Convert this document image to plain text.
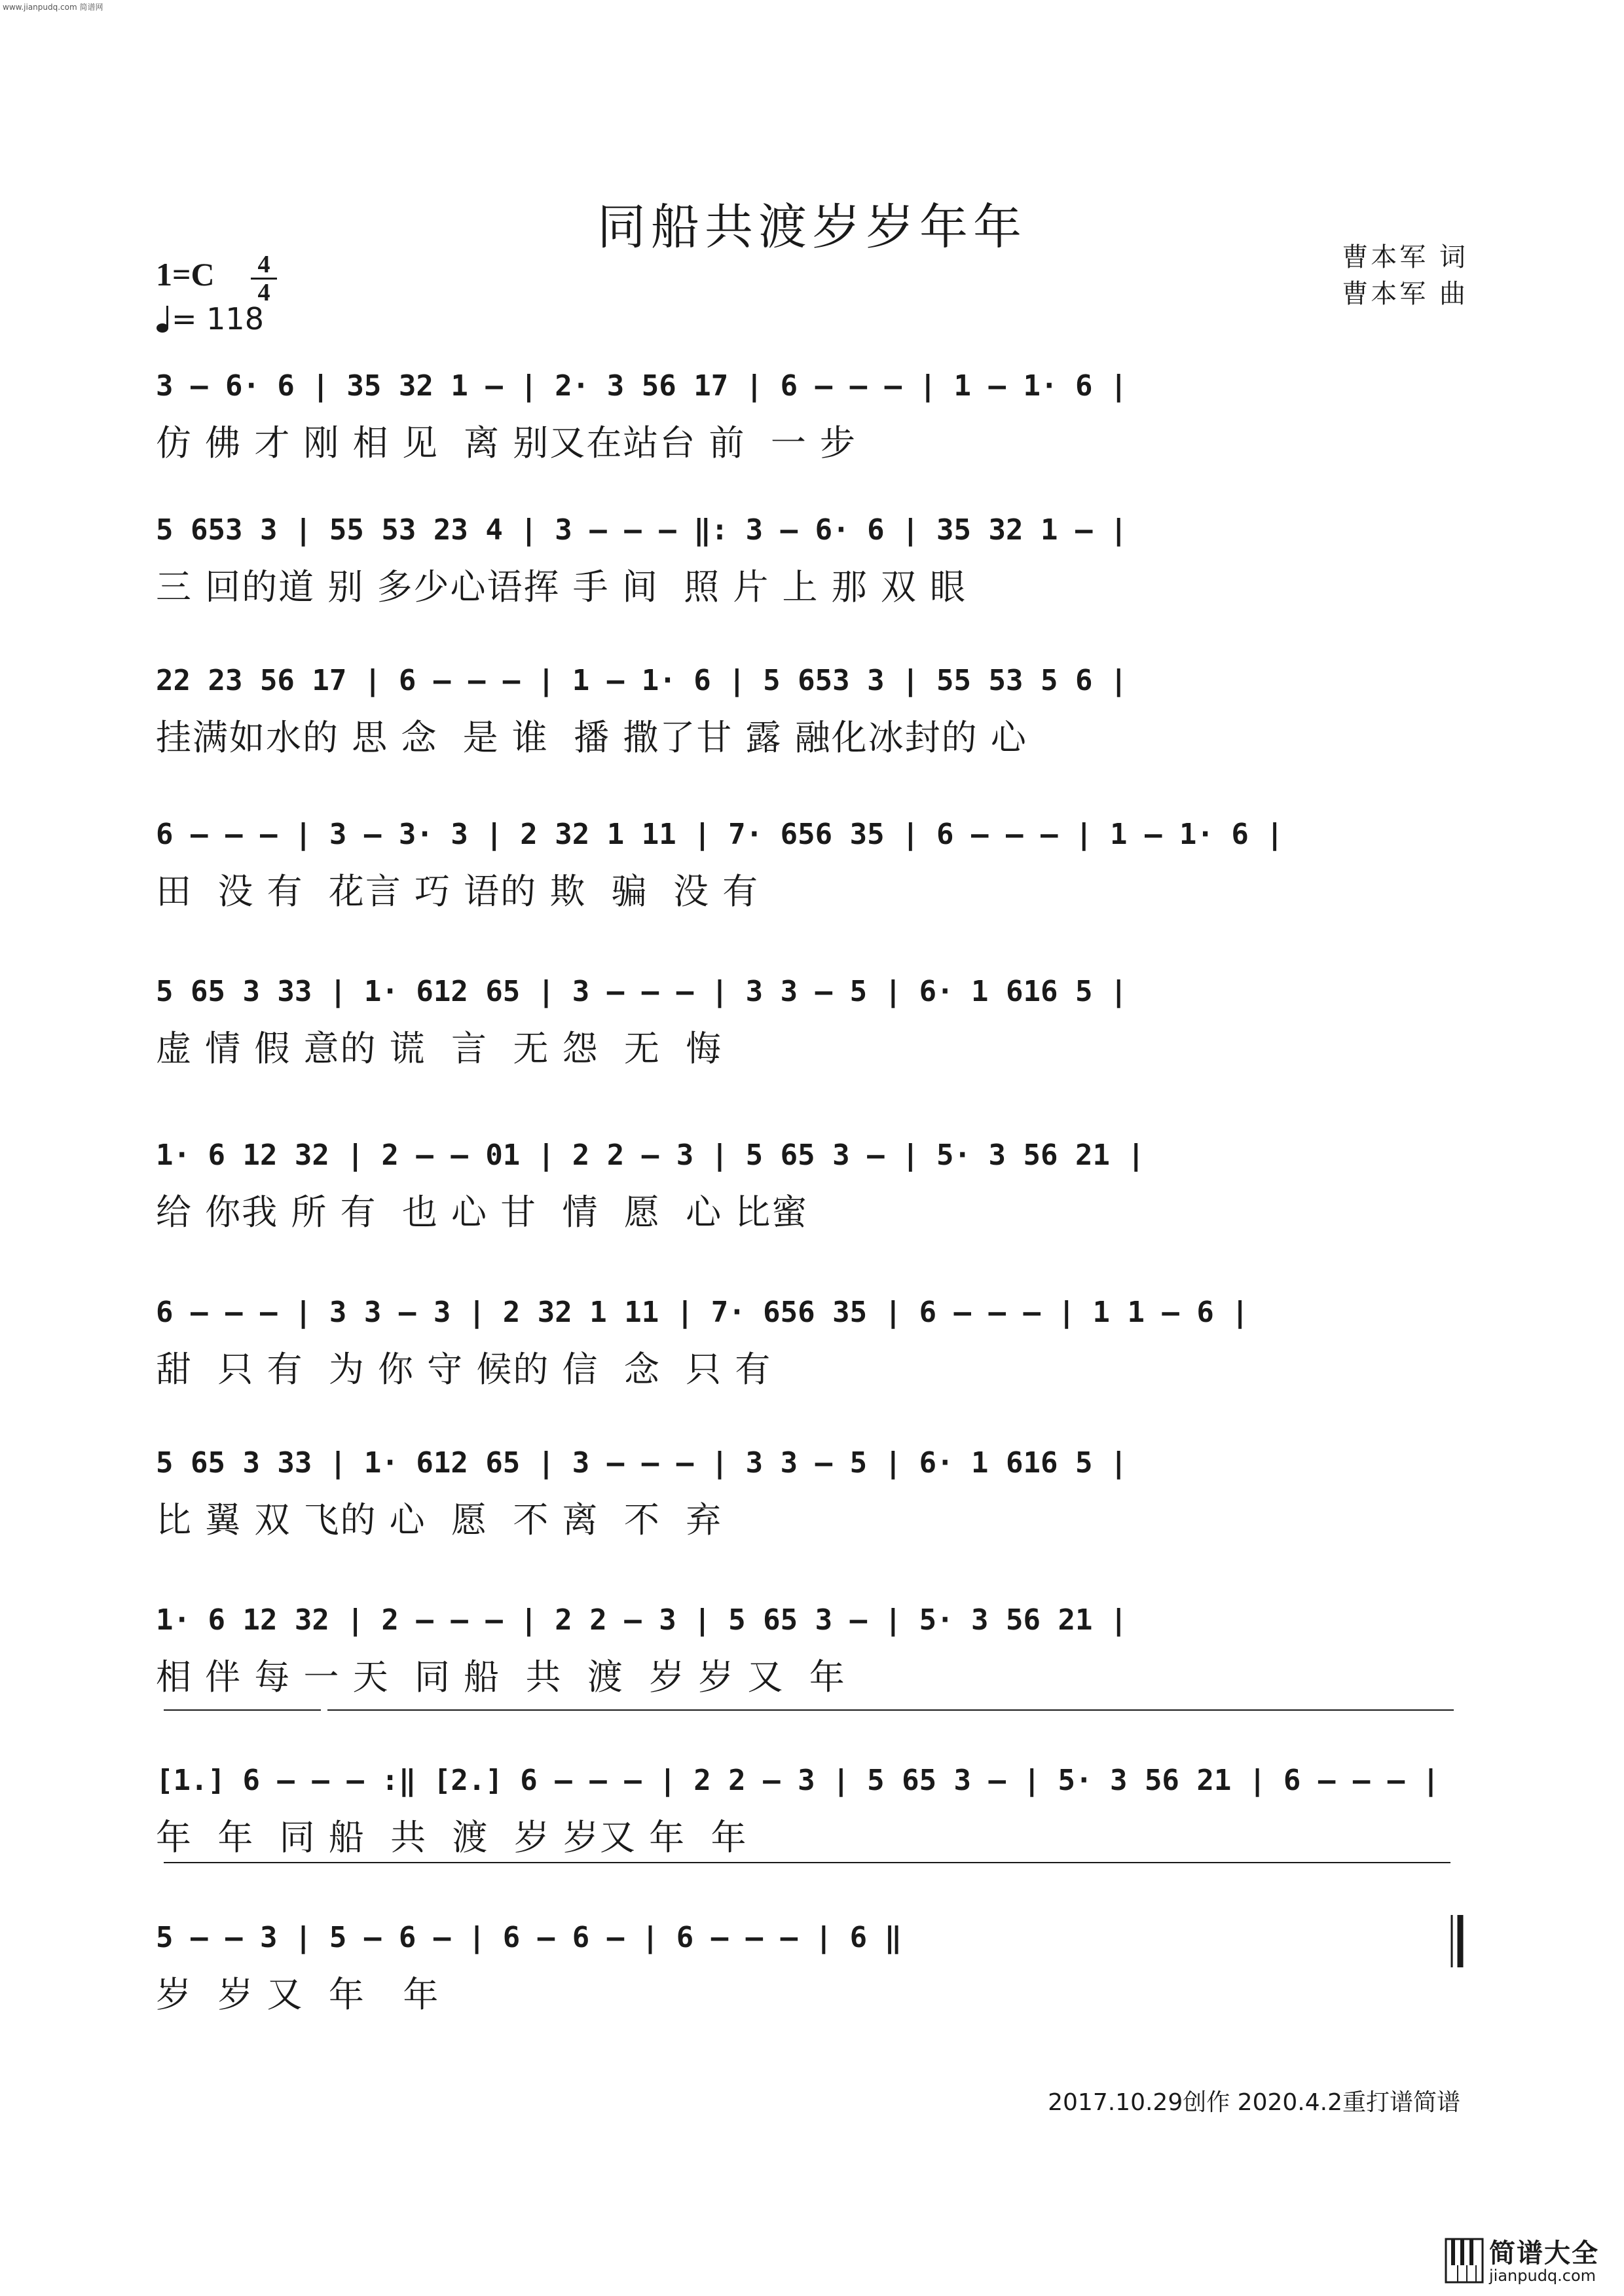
www.jianpudq.com 简谱网
同船共渡岁岁年年
1=C 4
4
= 118
曹本军 词
曹本军 曲
3 – 6· 6 | 35 32 1 – | 2· 3 56 17 | 6 – – – | 1 – 1· 6 |
仿 佛 才 刚 相 见  离 别又在站台 前  一 步
5 653 3 | 55 53 23 4 | 3 – – – ‖: 3 – 6· 6 | 35 32 1 – |
三 回的道 别 多少心语挥 手 间  照 片 上 那 双 眼
22 23 56 17 | 6 – – – | 1 – 1· 6 | 5 653 3 | 55 53 5 6 |
挂满如水的 思 念  是 谁  播 撒了甘 露 融化冰封的 心
6 – – – | 3 – 3· 3 | 2 32 1 11 | 7· 656 35 | 6 – – – | 1 – 1· 6 |
田  没 有  花言 巧 语的 欺  骗  没 有
5 65 3 33 | 1· 612 65 | 3 – – – | 3 3 – 5 | 6· 1 616 5 |
虚 情 假 意的 谎  言  无 怨  无  悔
1· 6 12 32 | 2 – – 01 | 2 2 – 3 | 5 65 3 – | 5· 3 56 21 |
给 你我 所 有  也 心 甘  情  愿  心 比蜜
6 – – – | 3 3 – 3 | 2 32 1 11 | 7· 656 35 | 6 – – – | 1 1 – 6 |
甜  只 有  为 你 守 候的 信  念  只 有
5 65 3 33 | 1· 612 65 | 3 – – – | 3 3 – 5 | 6· 1 616 5 |
比 翼 双 飞的 心  愿  不 离  不  弃
1· 6 12 32 | 2 – – – | 2 2 – 3 | 5 65 3 – | 5· 3 56 21 |
相 伴 每 一 天  同 船  共  渡  岁 岁 又  年
[1.] 6 – – – :‖ [2.] 6 – – – | 2 2 – 3 | 5 65 3 – | 5· 3 56 21 | 6 – – – |
年  年  同 船  共  渡  岁 岁又 年  年
5 – – 3 | 5 – 6 – | 6 – 6 – | 6 – – – | 6 ‖
岁  岁 又  年   年
2017.10.29创作 2020.4.2重打谱简谱
简谱大全
jianpudq.com
